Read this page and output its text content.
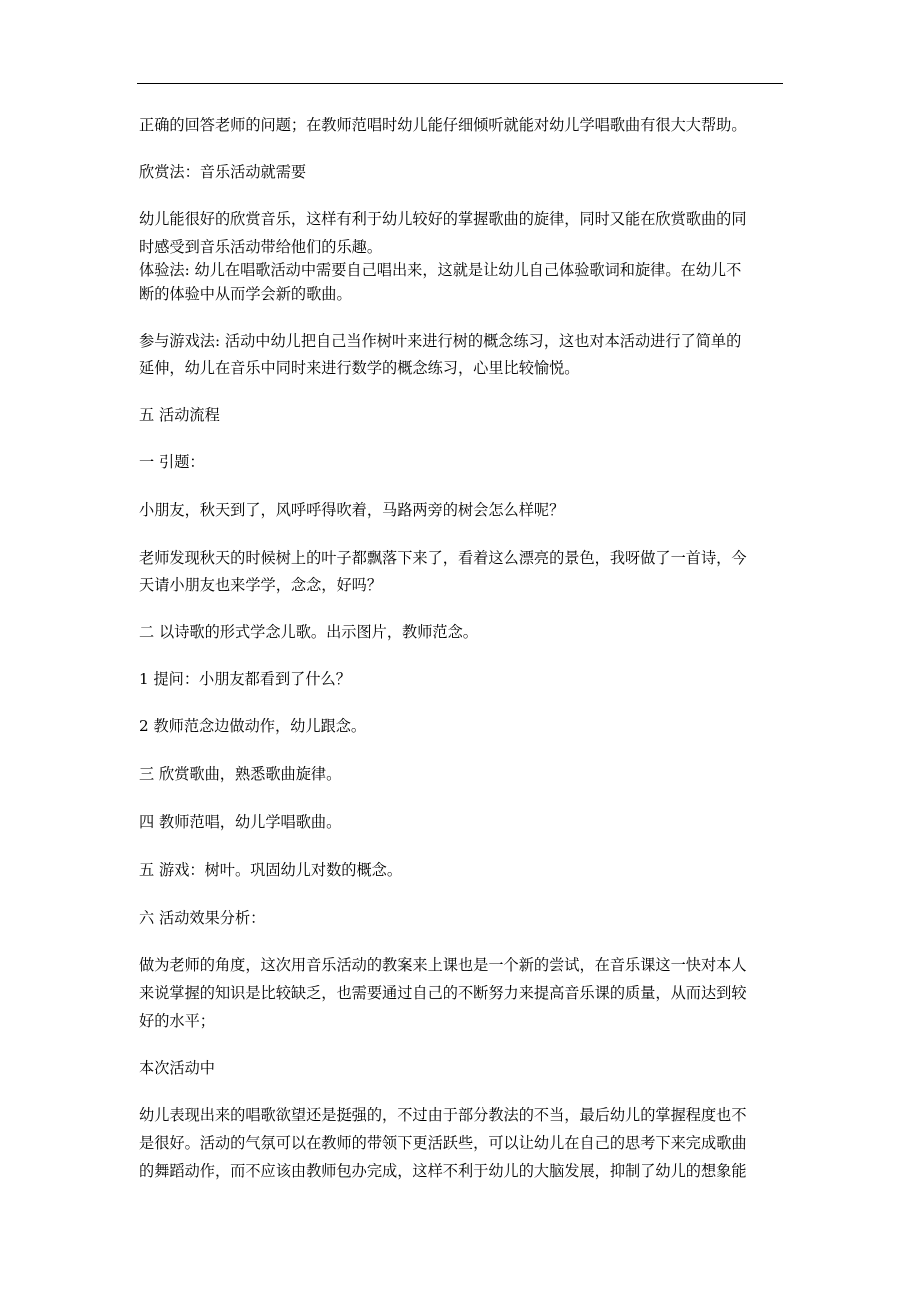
正确的回答老师的问题；在教师范唱时幼儿能仔细倾听就能对幼儿学唱歌曲有很大大帮助。
欣赏法：音乐活动就需要
幼儿能很好的欣赏音乐，这样有利于幼儿较好的掌握歌曲的旋律，同时又能在欣赏歌曲的同
时感受到音乐活动带给他们的乐趣。
体验法: 幼儿在唱歌活动中需要自己唱出来，这就是让幼儿自己体验歌词和旋律。在幼儿不
断的体验中从而学会新的歌曲。
参与游戏法: 活动中幼儿把自己当作树叶来进行树的概念练习，这也对本活动进行了简单的
延伸，幼儿在音乐中同时来进行数学的概念练习，心里比较愉悦。
五 活动流程
一 引题：
小朋友，秋天到了，风呼呼得吹着，马路两旁的树会怎么样呢？
老师发现秋天的时候树上的叶子都飘落下来了，看着这么漂亮的景色，我呀做了一首诗，今
天请小朋友也来学学，念念，好吗？
二 以诗歌的形式学念儿歌。出示图片，教师范念。
1 提问：小朋友都看到了什么？
2 教师范念边做动作，幼儿跟念。
三 欣赏歌曲，熟悉歌曲旋律。
四 教师范唱，幼儿学唱歌曲。
五 游戏：树叶。巩固幼儿对数的概念。
六 活动效果分析：
做为老师的角度，这次用音乐活动的教案来上课也是一个新的尝试，在音乐课这一快对本人
来说掌握的知识是比较缺乏，也需要通过自己的不断努力来提高音乐课的质量，从而达到较
好的水平；
本次活动中
幼儿表现出来的唱歌欲望还是挺强的，不过由于部分教法的不当，最后幼儿的掌握程度也不
是很好。活动的气氛可以在教师的带领下更活跃些，可以让幼儿在自己的思考下来完成歌曲
的舞蹈动作，而不应该由教师包办完成，这样不利于幼儿的大脑发展，抑制了幼儿的想象能
